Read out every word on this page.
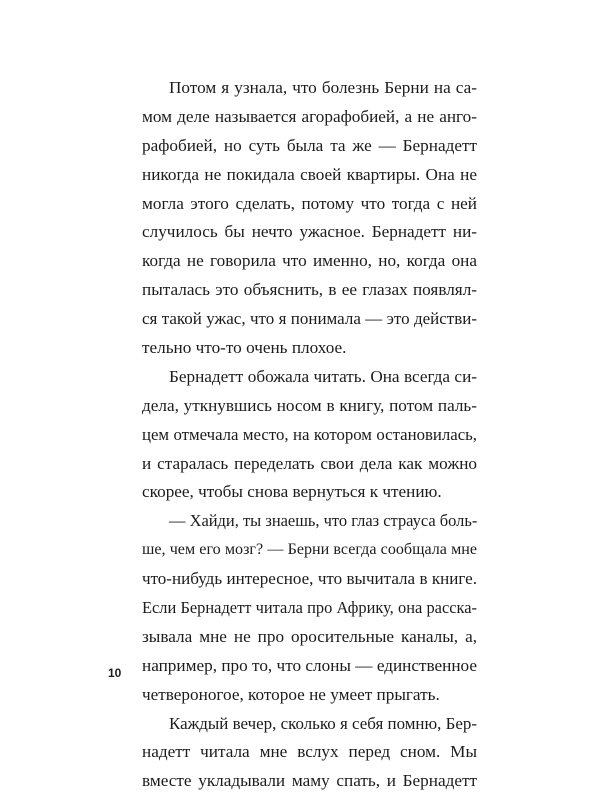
Потом я узнала, что болезнь Берни на са-
мом деле называется агорафобией, а не анго-
рафобией, но суть была та же — Бернадетт
никогда не покидала своей квартиры. Она не
могла этого сделать, потому что тогда с ней
случилось бы нечто ужасное. Бернадетт ни-
когда не говорила что именно, но, когда она
пыталась это объяснить, в ее глазах появлял-
ся такой ужас, что я понимала — это действи-
тельно что-то очень плохое.
Бернадетт обожала читать. Она всегда си-
дела, уткнувшись носом в книгу, потом паль-
цем отмечала место, на котором остановилась,
и старалась переделать свои дела как можно
скорее, чтобы снова вернуться к чтению.
— Хайди, ты знаешь, что глаз страуса боль-
ше, чем его мозг? — Берни всегда сообщала мне
что-нибудь интересное, что вычитала в книге.
Если Бернадетт читала про Африку, она расска-
зывала мне не про оросительные каналы, а,
например, про то, что слоны — единственное
четвероногое, которое не умеет прыгать.
Каждый вечер, сколько я себя помню, Бер-
надетт читала мне вслух перед сном. Мы
вместе укладывали маму спать, и Бернадетт
10
